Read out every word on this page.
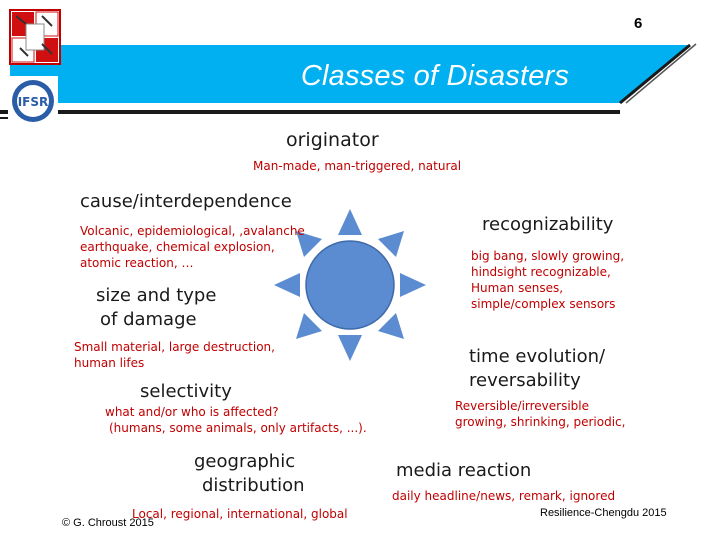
IFSR
6
Classes of Disasters
originator
Man-made, man-triggered, natural
cause/interdependence
Volcanic, epidemiological, ,avalanche
earthquake, chemical explosion,
atomic reaction, …
recognizability
big bang, slowly growing,
hindsight recognizable,
Human senses,
simple/complex sensors
size and type
of damage
Small material, large destruction,
human lifes	time evolution/
reversability
Reversible/irreversible
growing, shrinking, periodic,
selectivity
what and/or who is affected?
(humans, some animals, only artifacts, ...).
geographic
distribution
Local, regional, international, global
media reaction
daily headline/news, remark, ignored
© G. Chroust 2015
Resilience-Chengdu 2015
